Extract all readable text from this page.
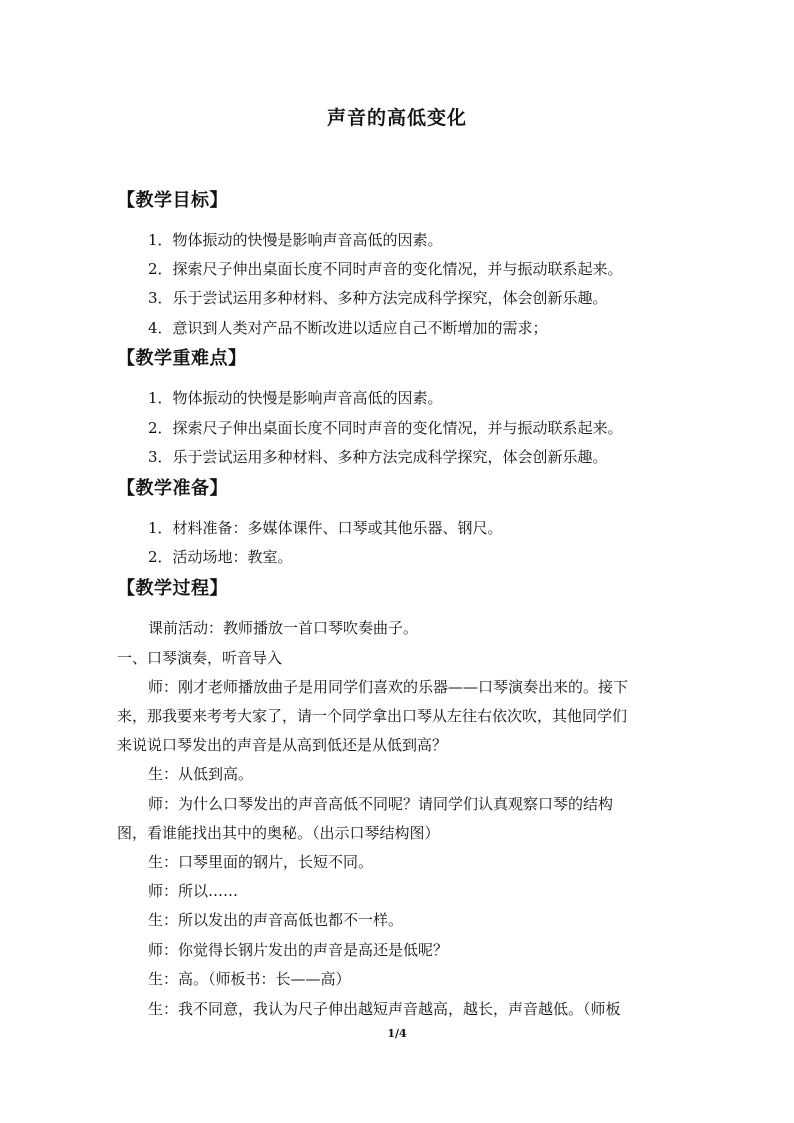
声音的高低变化
【教学目标】
1．物体振动的快慢是影响声音高低的因素。
2．探索尺子伸出桌面长度不同时声音的变化情况，并与振动联系起来。
3．乐于尝试运用多种材料、多种方法完成科学探究，体会创新乐趣。
4．意识到人类对产品不断改进以适应自己不断增加的需求；
【教学重难点】
1．物体振动的快慢是影响声音高低的因素。
2．探索尺子伸出桌面长度不同时声音的变化情况，并与振动联系起来。
3．乐于尝试运用多种材料、多种方法完成科学探究，体会创新乐趣。
【教学准备】
1．材料准备：多媒体课件、口琴或其他乐器、钢尺。
2．活动场地：教室。
【教学过程】
课前活动：教师播放一首口琴吹奏曲子。
一、口琴演奏，听音导入
师：刚才老师播放曲子是用同学们喜欢的乐器——口琴演奏出来的。接下
来，那我要来考考大家了，请一个同学拿出口琴从左往右依次吹，其他同学们
来说说口琴发出的声音是从高到低还是从低到高？
生：从低到高。
师：为什么口琴发出的声音高低不同呢？请同学们认真观察口琴的结构
图，看谁能找出其中的奥秘。（出示口琴结构图）
生：口琴里面的钢片，长短不同。
师：所以……
生：所以发出的声音高低也都不一样。
师：你觉得长钢片发出的声音是高还是低呢？
生：高。（师板书：长——高）
生：我不同意，我认为尺子伸出越短声音越高，越长，声音越低。（师板
1/4
